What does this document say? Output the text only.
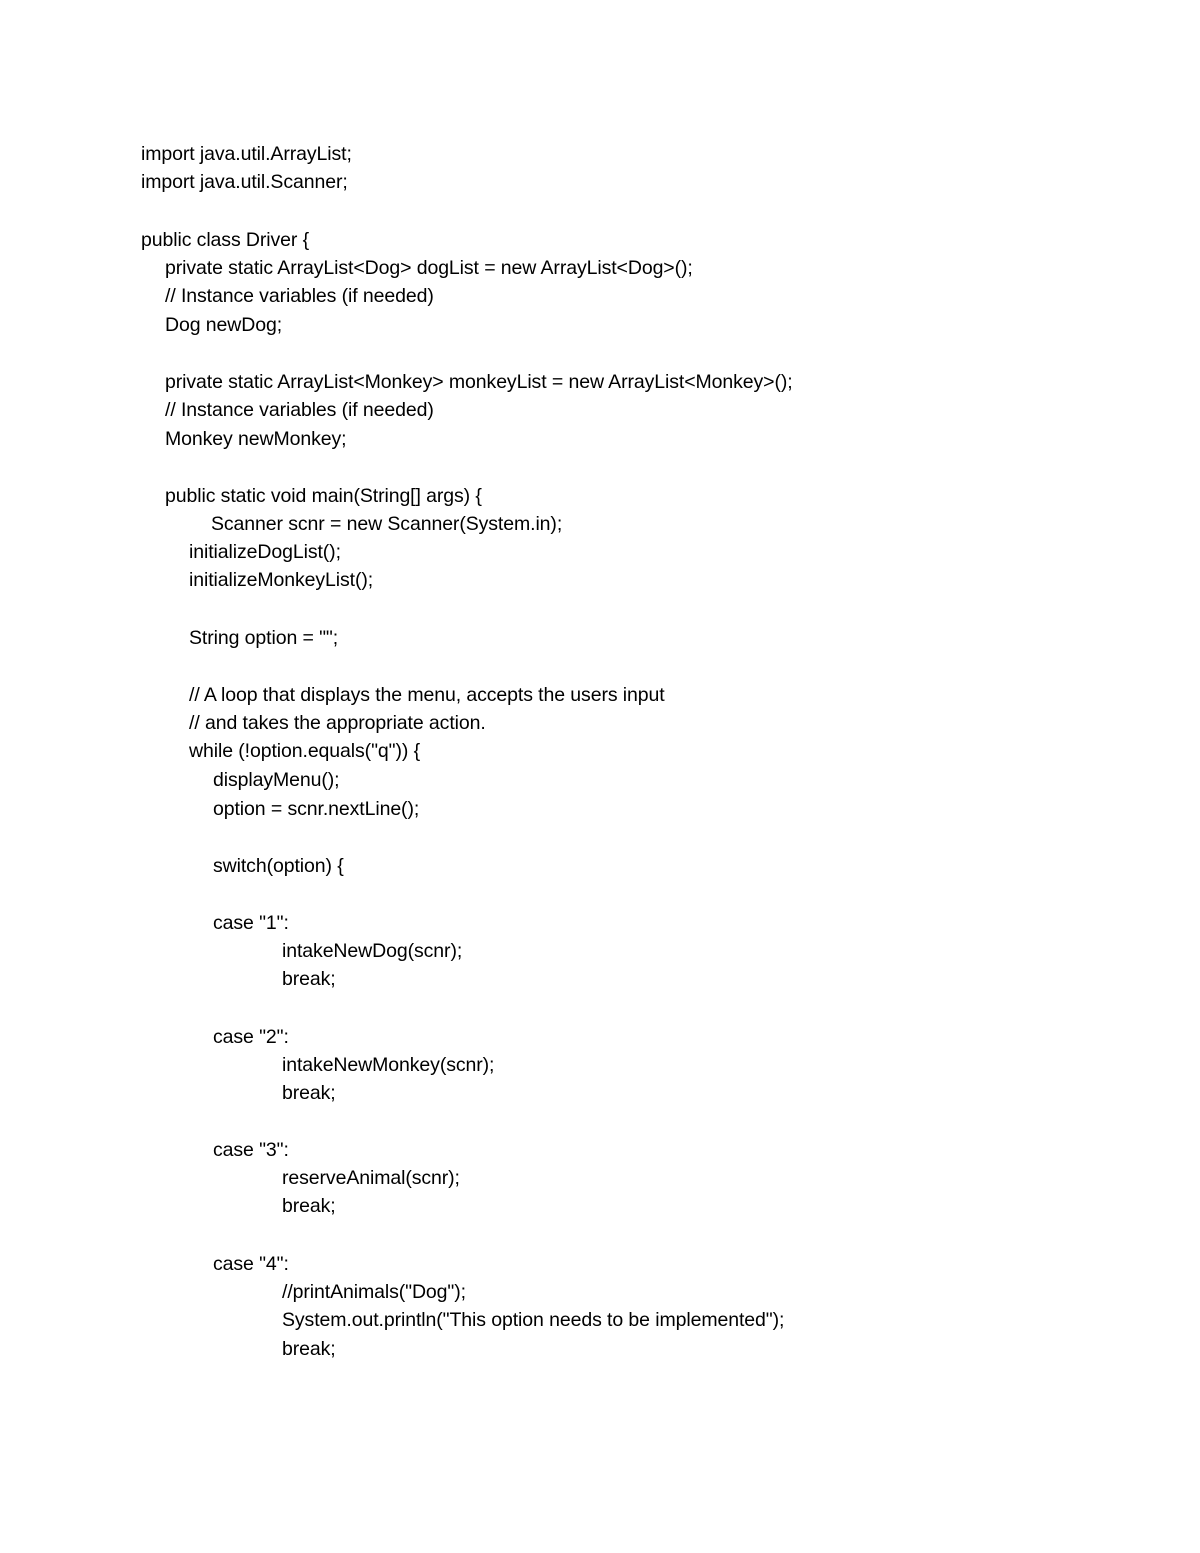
import java.util.ArrayList;
import java.util.Scanner;
public class Driver {
private static ArrayList<Dog> dogList = new ArrayList<Dog>();
// Instance variables (if needed)
Dog newDog;
private static ArrayList<Monkey> monkeyList = new ArrayList<Monkey>();
// Instance variables (if needed)
Monkey newMonkey;
public static void main(String[] args) {
Scanner scnr = new Scanner(System.in);
initializeDogList();
initializeMonkeyList();
String option = "";
// A loop that displays the menu, accepts the users input
// and takes the appropriate action.
while (!option.equals("q")) {
displayMenu();
option = scnr.nextLine();
switch(option) {
case "1":
intakeNewDog(scnr);
break;
case "2":
intakeNewMonkey(scnr);
break;
case "3":
reserveAnimal(scnr);
break;
case "4":
//printAnimals("Dog");
System.out.println("This option needs to be implemented");
break;
